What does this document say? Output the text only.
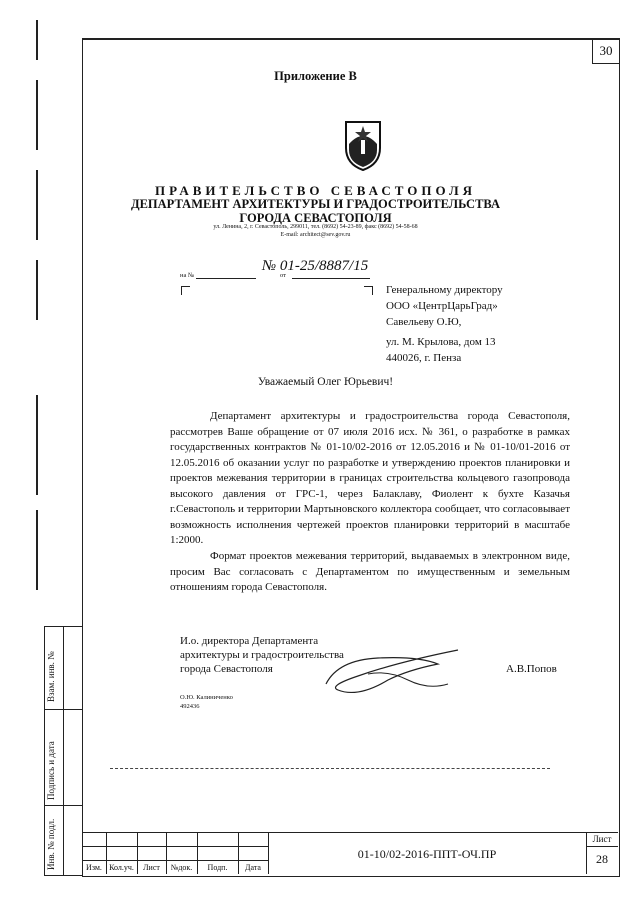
30
Взам. инв. №
Подпись и дата
Инв. № подл.
Приложение В
ПРАВИТЕЛЬСТВО СЕВАСТОПОЛЯ
ДЕПАРТАМЕНТ АРХИТЕКТУРЫ И ГРАДОСТРОИТЕЛЬСТВА
ГОРОДА СЕВАСТОПОЛЯ
ул. Ленина, 2, г. Севастополь, 299011, тел. (8692) 54-23-89, факс (8692) 54-58-68
E-mail: architect@sev.gov.ru
на №
№ 01-25/8887/15
от
Генеральному директору
ООО «ЦентрЦарьГрад»
Савельеву О.Ю,
ул. М. Крылова, дом 13
440026, г. Пенза
Уважаемый Олег Юрьевич!
Департамент архитектуры и градостроительства города Севастополя, рассмотрев Ваше обращение от 07 июля 2016 исх. № 361, о разработке в рамках государственных контрактов № 01-10/02-2016 от 12.05.2016 и № 01-10/01-2016 от 12.05.2016 об оказании услуг по разработке и утверждению проектов планировки и проектов межевания территории в границах строительства кольцевого газопровода высокого давления от ГРС-1, через Балаклаву, Фиолент к бухте Казачья г.Севастополь и территории Мартыновского коллектора сообщает, что согласовывает возможность исполнения чертежей проектов планировки территорий в масштабе 1:2000.
Формат проектов межевания территорий, выдаваемых в электронном виде, просим Вас согласовать с Департаментом по имущественным и земельным отношениям города Севастополя.
И.о. директора Департамента
архитектуры и градостроительства
города Севастополя	А.В.Попов
О.Ю. Калиниченко
492436
Изм. Кол.уч.	Лист	№док.	Подп.	Дата
01-10/02-2016-ППТ-ОЧ.ПР
Лист
28
